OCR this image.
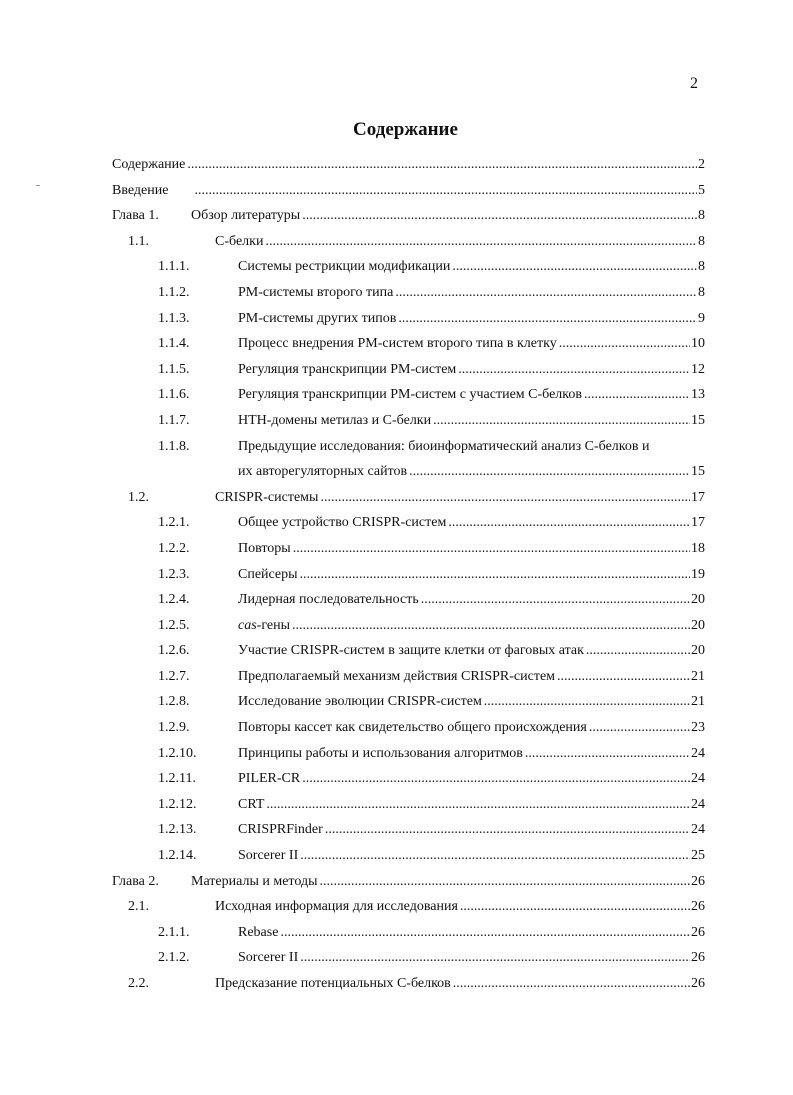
2
Содержание
Содержание .....	2
Введение .....	5
Глава 1. Обзор литературы .....	8
1.1.	С-белки .....	8
1.1.1.	Системы рестрикции модификации .....	8
1.1.2.	РМ-системы второго типа .....	8
1.1.3.	РМ-системы других типов .....	9
1.1.4.	Процесс внедрения РМ-систем второго типа в клетку .....	10
1.1.5.	Регуляция транскрипции РМ-систем .....	12
1.1.6.	Регуляция транскрипции РМ-систем с участием С-белков .....	13
1.1.7.	НТН-домены метилаз и С-белки .....	15
1.1.8.	Предыдущие исследования: биоинформатический анализ С-белков и
их авторегуляторных сайтов .....	15
1.2.	CRISPR-системы .....	17
1.2.1.	Общее устройство CRISPR-систем .....	17
1.2.2.	Повторы .....	18
1.2.3.	Спейсеры .....	19
1.2.4.	Лидерная последовательность .....	20
1.2.5.	cas-гены .....	20
1.2.6.	Участие CRISPR-систем в защите клетки от фаговых атак .....	20
1.2.7.	Предполагаемый механизм действия CRISPR-систем .....	21
1.2.8.	Исследование эволюции CRISPR-систем .....	21
1.2.9.	Повторы кассет как свидетельство общего происхождения .....	23
1.2.10.	Принципы работы и использования алгоритмов .....	24
1.2.11.	PILER-CR .....	24
1.2.12.	CRT .....	24
1.2.13.	CRISPRFinder .....	24
1.2.14.	Sorcerer II .....	25
Глава 2. Материалы и методы .....	26
2.1.	Исходная информация для исследования .....	26
2.1.1.	Rebase .....	26
2.1.2.	Sorcerer II .....	26
2.2.	Предсказание потенциальных С-белков .....	26
